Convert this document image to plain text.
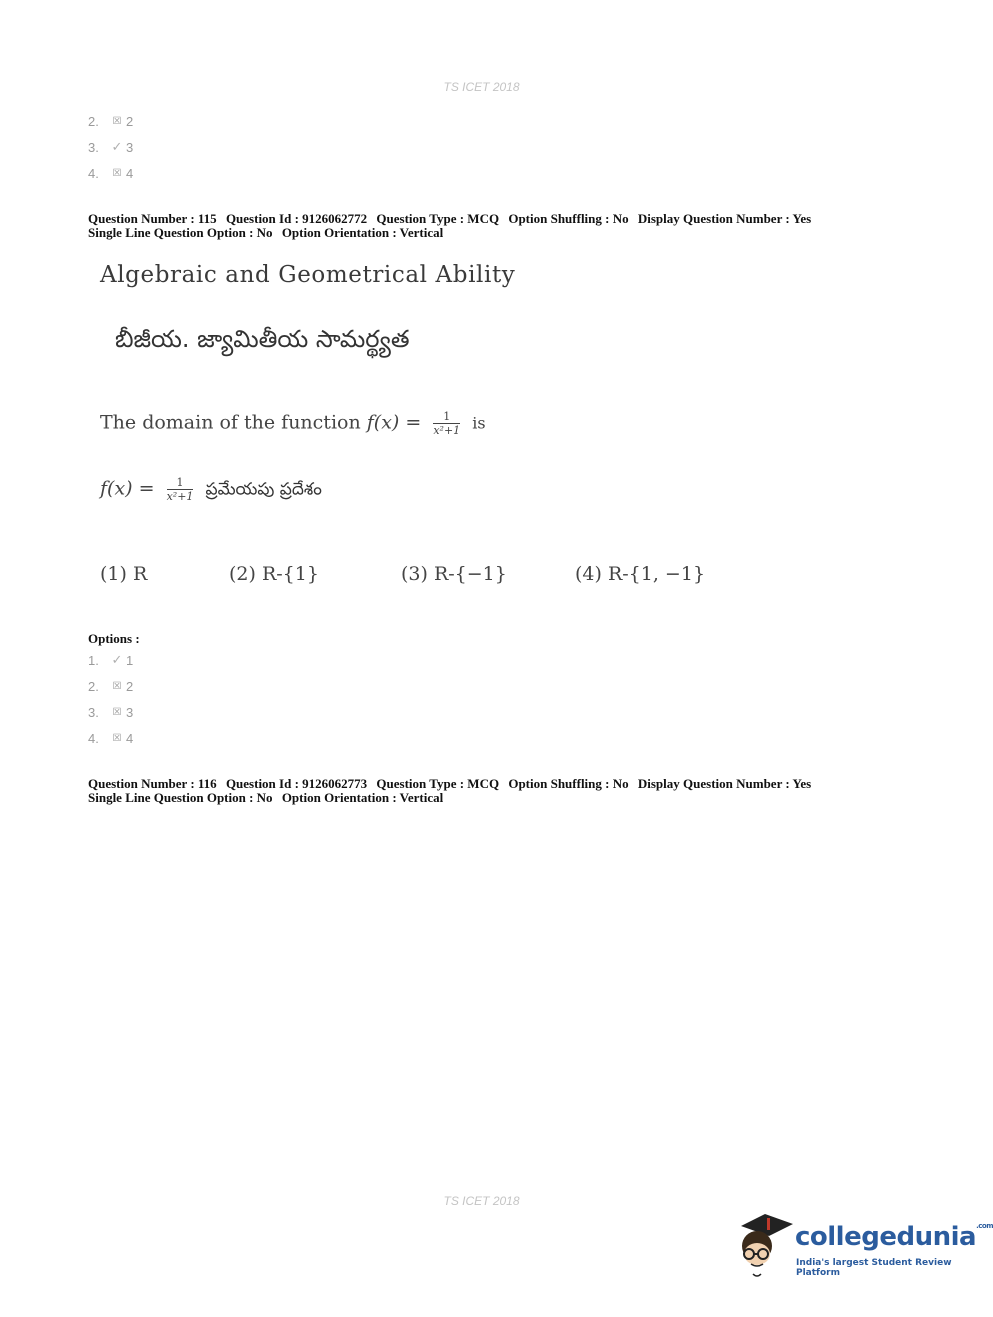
TS ICET 2018
2.	☒ 2
3. ✓ 3
4.	☒ 4
Question Number : 115 Question Id : 9126062772 Question Type : MCQ Option Shuffling : No Display Question Number : Yes
Single Line Question Option : No Option Orientation : Vertical
Algebraic and Geometrical Ability
బీజీయ. జ్యామితీయ సామర్థ్యత
The domain of the function $f(x) = \frac{1}{\text{x²+1}}$ is
$f(x) = \frac{1}{\text{x²+1}}$ ప్రమేయపు ప్రదేశం
(1) R	(2) R-{1}	(3) R-{−1}	(4) R-{1, −1}
Options :
1. ✓ 1
2.	☒ 2
3.	☒ 3
4.	☒ 4
Question Number : 116 Question Id : 9126062773 Question Type : MCQ Option Shuffling : No Display Question Number : Yes
Single Line Question Option : No Option Orientation : Vertical
TS ICET 2018
collegedunia$^{.com}$
India's largest Student Review Platform
